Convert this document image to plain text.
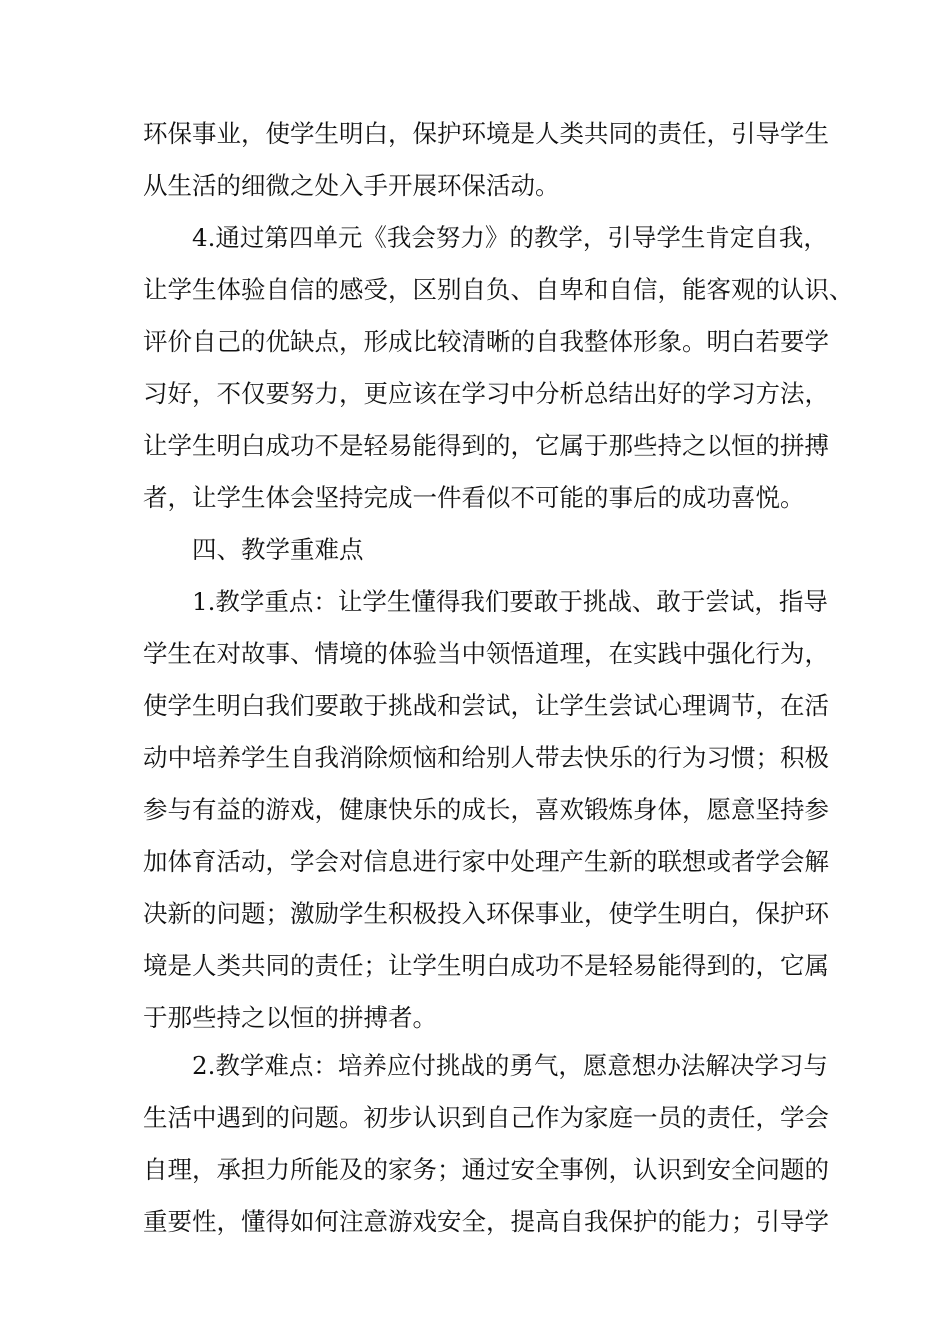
环保事业，使学生明白，保护环境是人类共同的责任，引导学生
从生活的细微之处入手开展环保活动。
4.通过第四单元《我会努力》的教学，引导学生肯定自我，
让学生体验自信的感受，区别自负、自卑和自信，能客观的认识、
评价自己的优缺点，形成比较清晰的自我整体形象。明白若要学
习好，不仅要努力，更应该在学习中分析总结出好的学习方法，
让学生明白成功不是轻易能得到的，它属于那些持之以恒的拼搏
者，让学生体会坚持完成一件看似不可能的事后的成功喜悦。
四、教学重难点
1.教学重点：让学生懂得我们要敢于挑战、敢于尝试，指导
学生在对故事、情境的体验当中领悟道理，在实践中强化行为，
使学生明白我们要敢于挑战和尝试，让学生尝试心理调节，在活
动中培养学生自我消除烦恼和给别人带去快乐的行为习惯；积极
参与有益的游戏，健康快乐的成长，喜欢锻炼身体，愿意坚持参
加体育活动，学会对信息进行家中处理产生新的联想或者学会解
决新的问题；激励学生积极投入环保事业，使学生明白，保护环
境是人类共同的责任；让学生明白成功不是轻易能得到的，它属
于那些持之以恒的拼搏者。
2.教学难点：培养应付挑战的勇气，愿意想办法解决学习与
生活中遇到的问题。初步认识到自己作为家庭一员的责任，学会
自理，承担力所能及的家务；通过安全事例，认识到安全问题的
重要性，懂得如何注意游戏安全，提高自我保护的能力；引导学
